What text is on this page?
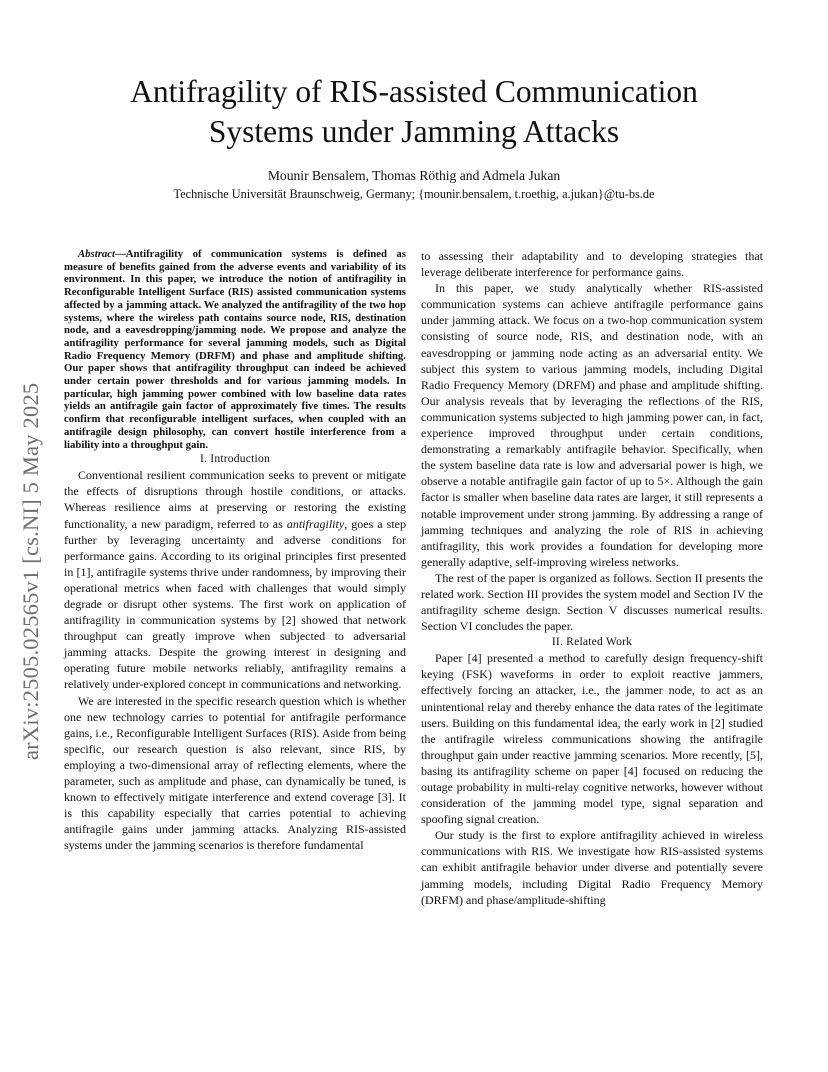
arXiv:2505.02565v1 [cs.NI] 5 May 2025
Antifragility of RIS-assisted Communication
Systems under Jamming Attacks
Mounir Bensalem, Thomas Röthig and Admela Jukan
Technische Universität Braunschweig, Germany; {mounir.bensalem, t.roethig, a.jukan}@tu-bs.de

Abstract—Antifragility of communication systems is defined as measure of benefits gained from the adverse events and variability of its environment. In this paper, we introduce the notion of antifragility in Reconfigurable Intelligent Surface (RIS) assisted communication systems affected by a jamming attack. We analyzed the antifragility of the two hop systems, where the wireless path contains source node, RIS, destination node, and a eavesdropping/jamming node. We propose and analyze the antifragility performance for several jamming models, such as Digital Radio Frequency Memory (DRFM) and phase and amplitude shifting. Our paper shows that antifragility throughput can indeed be achieved under certain power thresholds and for various jamming models. In particular, high jamming power combined with low baseline data rates yields an antifragile gain factor of approximately five times. The results confirm that reconfigurable intelligent surfaces, when coupled with an antifragile design philosophy, can convert hostile interference from a liability into a throughput gain.

I. Introduction

Conventional resilient communication seeks to prevent or mitigate the effects of disruptions through hostile conditions, or attacks. Whereas resilience aims at preserving or restoring the existing functionality, a new paradigm, referred to as antifragility, goes a step further by leveraging uncertainty and adverse conditions for performance gains. According to its original principles first presented in [1], antifragile systems thrive under randomness, by improving their operational metrics when faced with challenges that would simply degrade or disrupt other systems. The first work on application of antifragility in communication systems by [2] showed that network throughput can greatly improve when subjected to adversarial jamming attacks. Despite the growing interest in designing and operating future mobile networks reliably, antifragility remains a relatively under-explored concept in communications and networking.

We are interested in the specific research question which is whether one new technology carries to potential for antifragile performance gains, i.e., Reconfigurable Intelligent Surfaces (RIS). Aside from being specific, our research question is also relevant, since RIS, by employing a two-dimensional array of reflecting elements, where the parameter, such as amplitude and phase, can dynamically be tuned, is known to effectively mitigate interference and extend coverage [3]. It is this capability especially that carries potential to achieving antifragile gains under jamming attacks. Analyzing RIS-assisted systems under the jamming scenarios is therefore fundamental

to assessing their adaptability and to developing strategies that leverage deliberate interference for performance gains.

In this paper, we study analytically whether RIS-assisted communication systems can achieve antifragile performance gains under jamming attack. We focus on a two-hop communication system consisting of source node, RIS, and destination node, with an eavesdropping or jamming node acting as an adversarial entity. We subject this system to various jamming models, including Digital Radio Frequency Memory (DRFM) and phase and amplitude shifting. Our analysis reveals that by leveraging the reflections of the RIS, communication systems subjected to high jamming power can, in fact, experience improved throughput under certain conditions, demonstrating a remarkably antifragile behavior. Specifically, when the system baseline data rate is low and adversarial power is high, we observe a notable antifragile gain factor of up to 5×. Although the gain factor is smaller when baseline data rates are larger, it still represents a notable improvement under strong jamming. By addressing a range of jamming techniques and analyzing the role of RIS in achieving antifragility, this work provides a foundation for developing more generally adaptive, self-improving wireless networks.

The rest of the paper is organized as follows. Section II presents the related work. Section III provides the system model and Section IV the antifragility scheme design. Section V discusses numerical results. Section VI concludes the paper.

II. Related Work

Paper [4] presented a method to carefully design frequency-shift keying (FSK) waveforms in order to exploit reactive jammers, effectively forcing an attacker, i.e., the jammer node, to act as an unintentional relay and thereby enhance the data rates of the legitimate users. Building on this fundamental idea, the early work in [2] studied the antifragile wireless communications showing the antifragile throughput gain under reactive jamming scenarios. More recently, [5], basing its antifragility scheme on paper [4] focused on reducing the outage probability in multi-relay cognitive networks, however without consideration of the jamming model type, signal separation and spoofing signal creation.

Our study is the first to explore antifragility achieved in wireless communications with RIS. We investigate how RIS-assisted systems can exhibit antifragile behavior under diverse and potentially severe jamming models, including Digital Radio Frequency Memory (DRFM) and phase/amplitude-shifting
